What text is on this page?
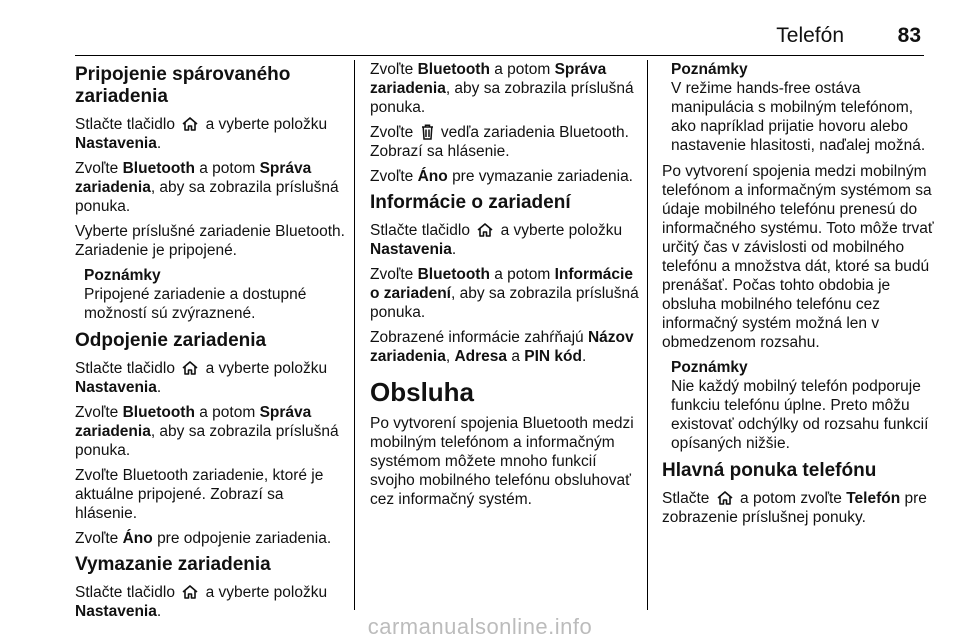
Telefón	83
Pripojenie spárovaného zariadenia

Stlačte tlačidlo a vyberte položku Nastavenia.

Zvoľte Bluetooth a potom Správa zariadenia, aby sa zobrazila príslušná ponuka.

Vyberte príslušné zariadenie Bluetooth. Zariadenie je pripojené.

Poznámky
Pripojené zariadenie a dostupné možností sú zvýraznené.
Odpojenie zariadenia

Stlačte tlačidlo a vyberte položku Nastavenia.

Zvoľte Bluetooth a potom Správa zariadenia, aby sa zobrazila príslušná ponuka.

Zvoľte Bluetooth zariadenie, ktoré je aktuálne pripojené. Zobrazí sa hlásenie.

Zvoľte Áno pre odpojenie zariadenia.

Vymazanie zariadenia

Stlačte tlačidlo a vyberte položku Nastavenia.

Zvoľte Bluetooth a potom Správa zariadenia, aby sa zobrazila príslušná ponuka.

Zvoľte vedľa zariadenia Bluetooth. Zobrazí sa hlásenie.

Zvoľte Áno pre vymazanie zariadenia.

Informácie o zariadení

Stlačte tlačidlo a vyberte položku Nastavenia.

Zvoľte Bluetooth a potom Informácie o zariadení, aby sa zobrazila príslušná ponuka.

Zobrazené informácie zahŕňajú Názov zariadenia, Adresa a PIN kód.

Obsluha

Po vytvorení spojenia Bluetooth medzi mobilným telefónom a informačným systémom môžete mnoho funkcií svojho mobilného telefónu obsluhovať cez informačný systém.

Poznámky
V režime hands-free ostáva manipulácia s mobilným telefónom, ako napríklad prijatie hovoru alebo nastavenie hlasitosti, naďalej možná.

Po vytvorení spojenia medzi mobilným telefónom a informačným systémom sa údaje mobilného telefónu prenesú do informačného systému. Toto môže trvať určitý čas v závislosti od mobilného telefónu a množstva dát, ktoré sa budú prenášať. Počas tohto obdobia je obsluha mobilného telefónu cez informačný systém možná len v obmedzenom rozsahu.

Poznámky
Nie každý mobilný telefón podporuje funkciu telefónu úplne. Preto môžu existovať odchýlky od rozsahu funkcií opísaných nižšie.
Hlavná ponuka telefónu

Stlačte a potom zvoľte Telefón pre zobrazenie príslušnej ponuky.

carmanualsonline.info
